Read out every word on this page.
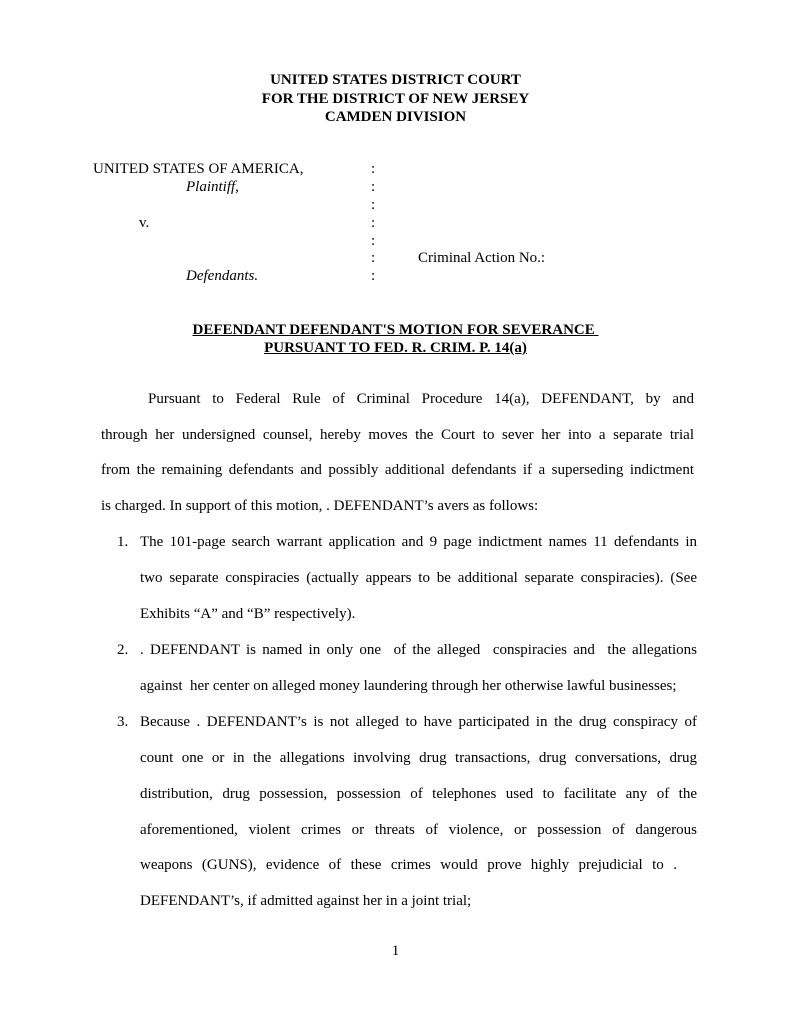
UNITED STATES DISTRICT COURT
FOR THE DISTRICT OF NEW JERSEY
CAMDEN DIVISION
UNITED STATES OF AMERICA,
Plaintiff,
v.
Defendants.
:
:
:
:
:
:
:
Criminal Action No.:
DEFENDANT DEFENDANT'S MOTION FOR SEVERANCE
PURSUANT TO FED. R. CRIM. P. 14(a)
Pursuant to Federal Rule of Criminal Procedure 14(a), DEFENDANT, by and
through her undersigned counsel, hereby moves the Court to sever her into a separate trial
from the remaining defendants and possibly additional defendants if a superseding indictment
is charged. In support of this motion, . DEFENDANT’s avers as follows:
1. The 101-page search warrant application and 9 page indictment names 11 defendants in
two separate conspiracies (actually appears to be additional separate conspiracies). (See
Exhibits “A” and “B” respectively).
2. . DEFENDANT is named in only one  of the alleged  conspiracies and  the allegations
against  her center on alleged money laundering through her otherwise lawful businesses;
3. Because . DEFENDANT’s is not alleged to have participated in the drug conspiracy of
count one or in the allegations involving drug transactions, drug conversations, drug
distribution, drug possession, possession of telephones used to facilitate any of the
aforementioned, violent crimes or threats of violence, or possession of dangerous
weapons (GUNS), evidence of these crimes would prove highly prejudicial to .
DEFENDANT’s, if admitted against her in a joint trial;
1
